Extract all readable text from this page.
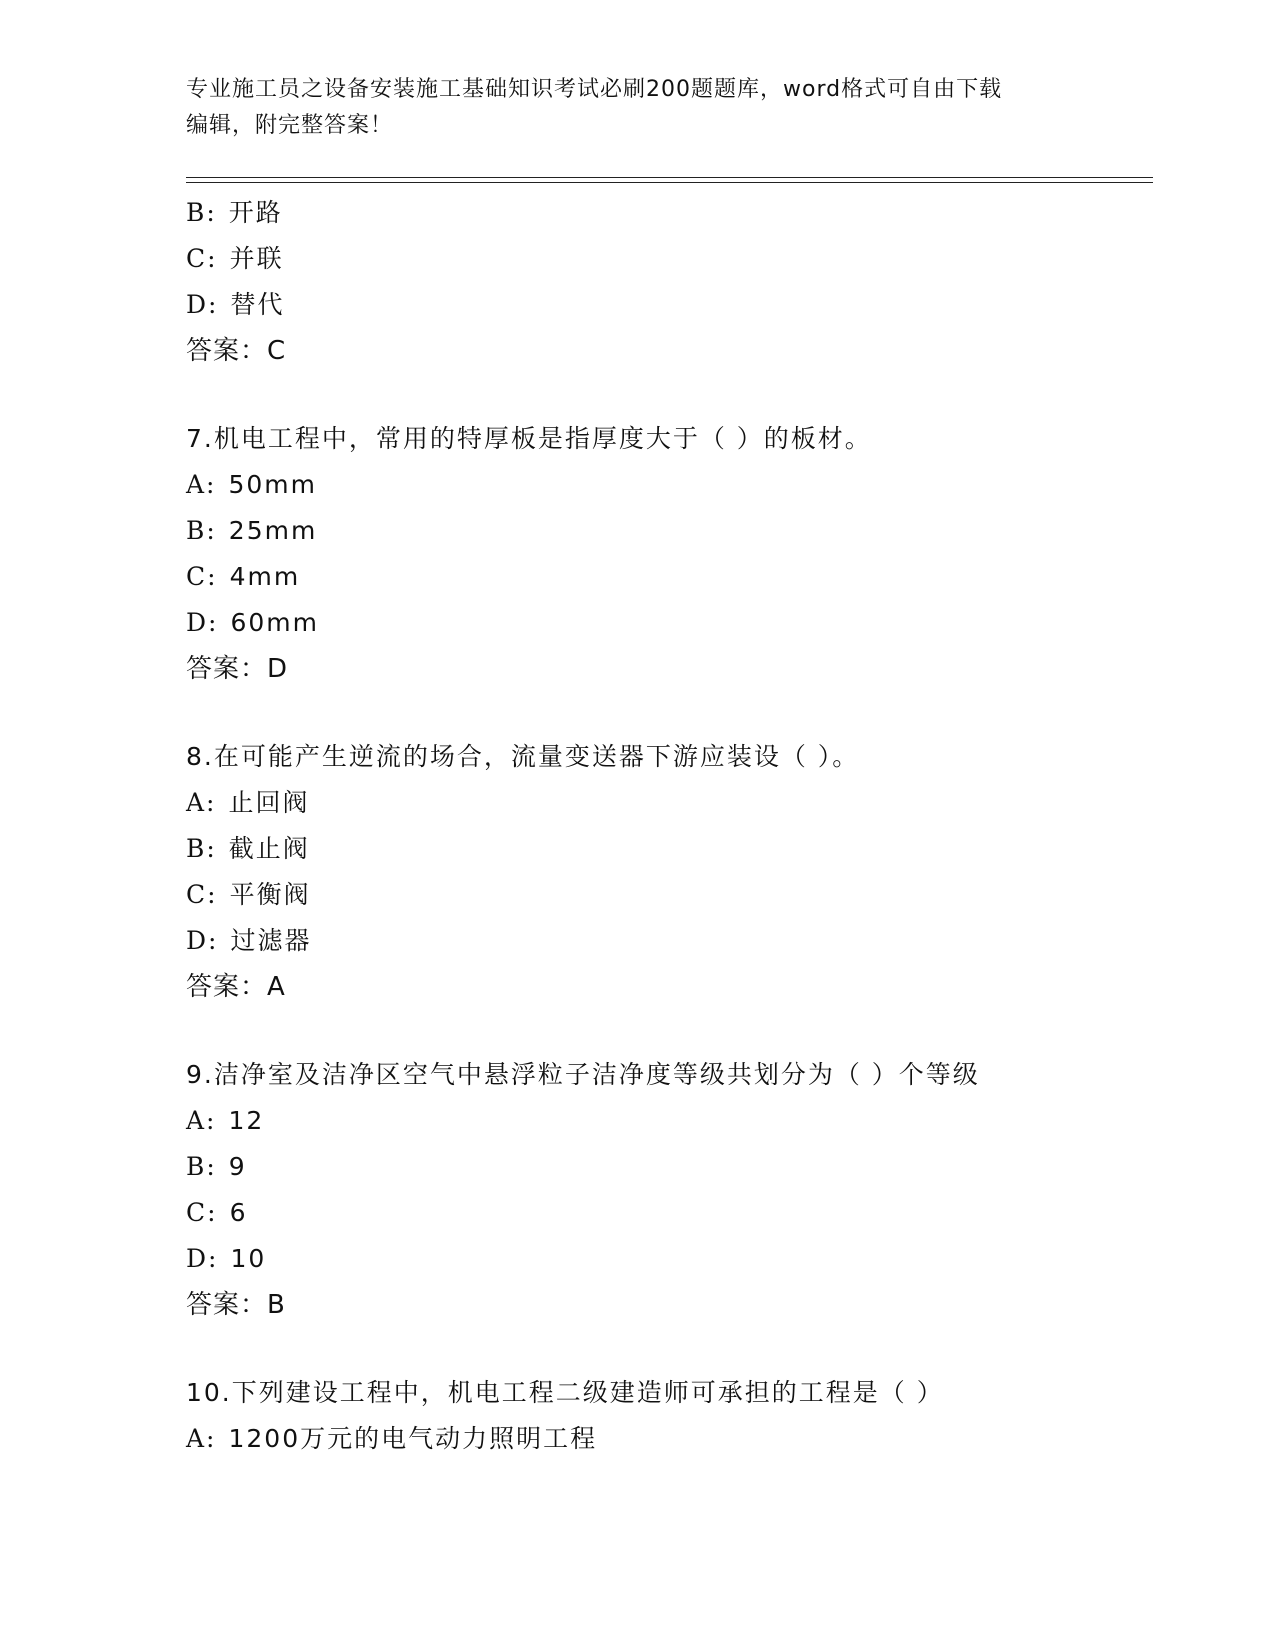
专业施工员之设备安装施工基础知识考试必刷200题题库，word格式可自由下载
编辑，附完整答案！
B: 开路
C: 并联
D: 替代
答案：C
7.机电工程中，常用的特厚板是指厚度大于（ ）的板材。
A: 50mm
B: 25mm
C: 4mm
D: 60mm
答案：D
8.在可能产生逆流的场合，流量变送器下游应装设（ ）。
A: 止回阀
B: 截止阀
C: 平衡阀
D: 过滤器
答案：A
9.洁净室及洁净区空气中悬浮粒子洁净度等级共划分为（ ）个等级
A: 12
B: 9
C: 6
D: 10
答案：B
10.下列建设工程中，机电工程二级建造师可承担的工程是（ ）
A: 1200万元的电气动力照明工程
